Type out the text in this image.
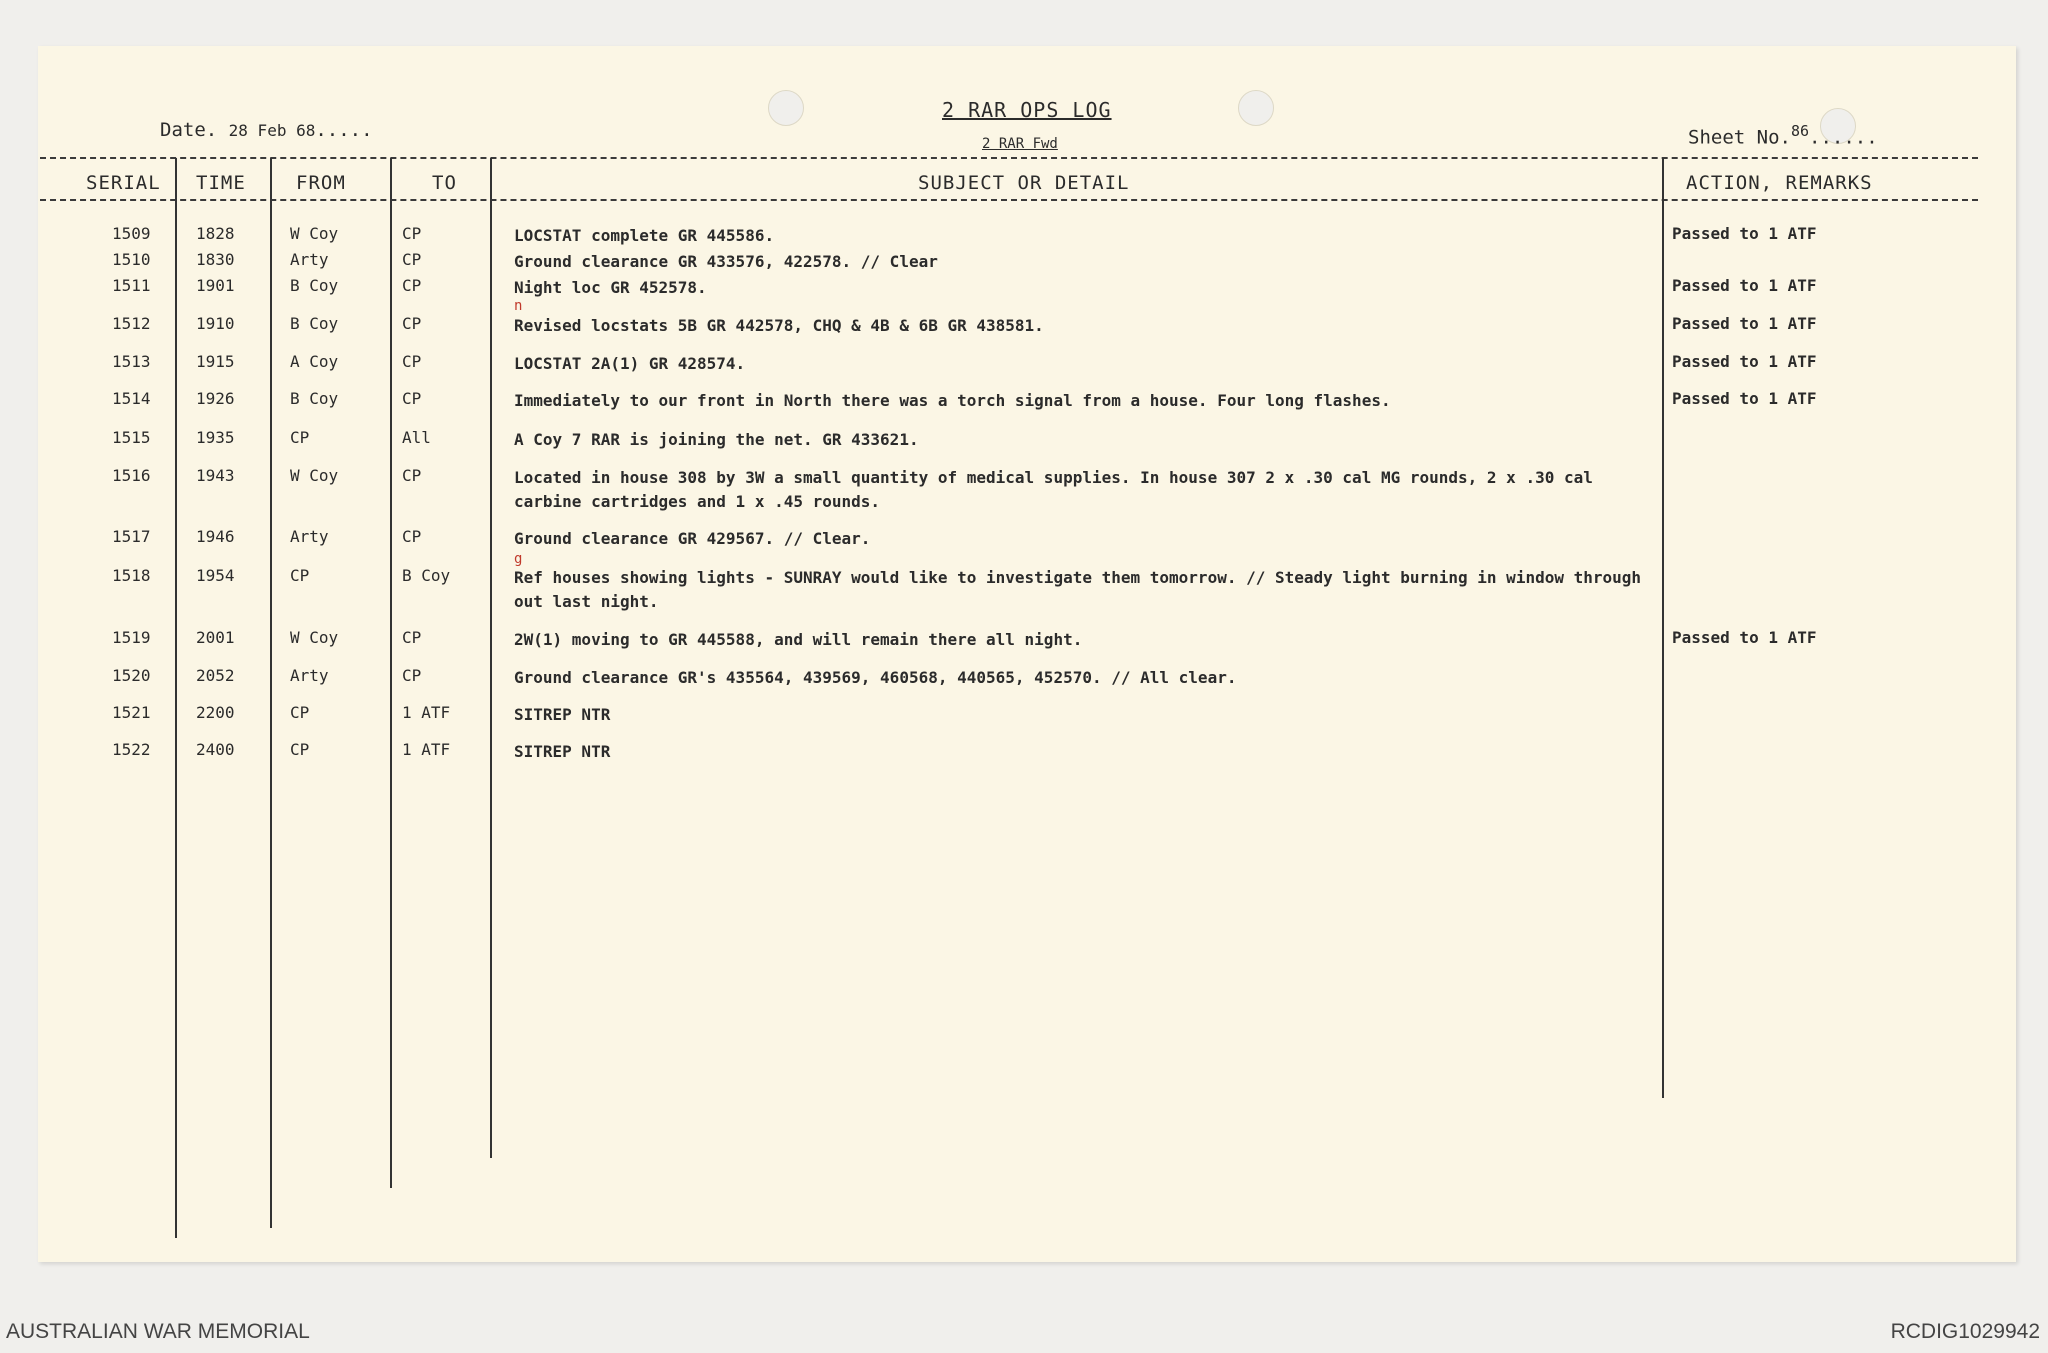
Date. 28 Feb 68.....
2 RAR OPS LOG
2 RAR Fwd	Sheet No.$^{86}$......
SERIAL TIME	FROM	TO	SUBJECT OR DETAIL	ACTION, REMARKS
1509	1828	W Coy	CP	LOCSTAT complete GR 445586.	Passed to 1 ATF
1510	1830	Arty	CP	Ground clearance GR 433576, 422578. // Clear
1511	1901	B Coy	CP	Night loc GR 452578.	Passed to 1 ATF
1512	1910	B Coy	CP	Revised locstats 5B GR 442578, CHQ & 4B & 6B GR 438581.	Passed to 1 ATF
1513	1915	A Coy	CP	LOCSTAT 2A(1) GR 428574.	Passed to 1 ATF
1514	1926	B Coy	CP	Immediately to our front in North there was a torch signal from a house. Four long flashes.	Passed to 1 ATF
1515	1935	CP	All	A Coy 7 RAR is joining the net. GR 433621.
1516	1943	W Coy	CP	Located in house 308 by 3W a small quantity of medical supplies. In house 307 2 x .30 cal MG rounds, 2 x .30 cal carbine cartridges and 1 x .45 rounds.
1517	1946	Arty	CP	Ground clearance GR 429567. // Clear.
1518	1954	CP	B Coy	Ref houses showing lights - SUNRAY would like to investigate them tomorrow. // Steady light burning in window through out last night.
1519	2001	W Coy	CP	2W(1) moving to GR 445588, and will remain there all night.	Passed to 1 ATF
1520	2052	Arty	CP	Ground clearance GR's 435564, 439569, 460568, 440565, 452570. // All clear.
1521	2200	CP	1 ATF	SITREP NTR
1522	2400	CP	1 ATF	SITREP NTR
n
g
AUSTRALIAN WAR MEMORIAL	RCDIG1029942
